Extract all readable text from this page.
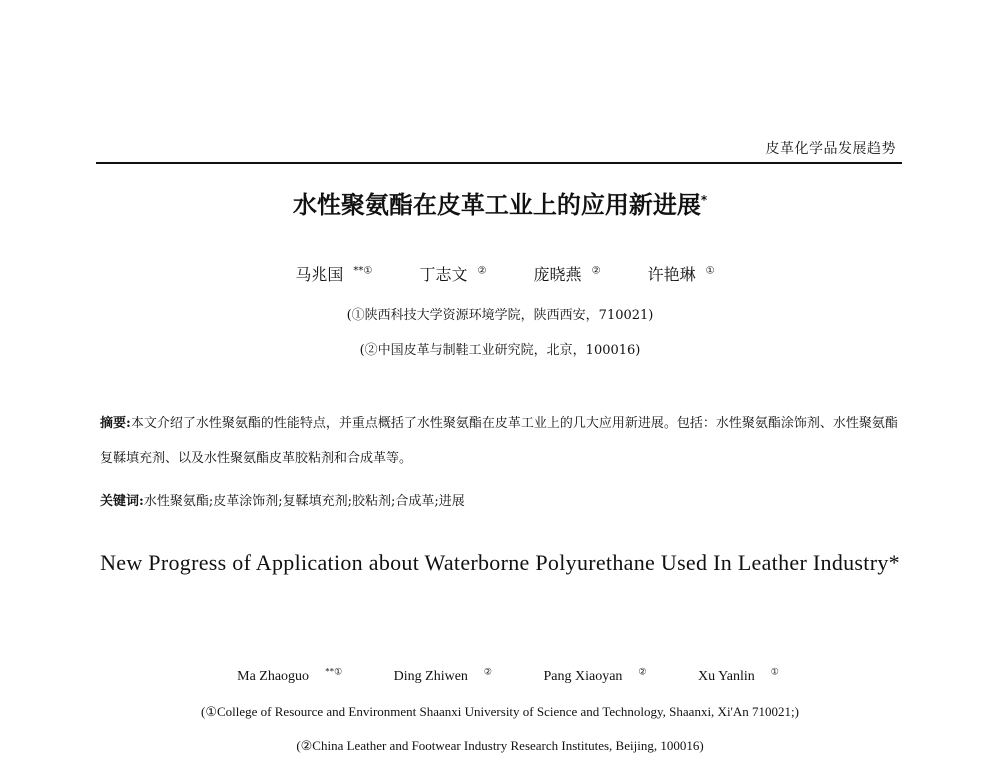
皮革化学品发展趋势
水性聚氨酯在皮革工业上的应用新进展*
马兆国 **①	丁志文 ②	庞晓燕 ②	许艳琳 ①
(①陕西科技大学资源环境学院，陕西西安，710021)
(②中国皮革与制鞋工业研究院，北京，100016)
摘要:本文介绍了水性聚氨酯的性能特点，并重点概括了水性聚氨酯在皮革工业上的几大应用新进展。包括：水性聚氨酯涂饰剂、水性聚氨酯复鞣填充剂、以及水性聚氨酯皮革胶粘剂和合成革等。
关键词:水性聚氨酯;皮革涂饰剂;复鞣填充剂;胶粘剂;合成革;进展
New Progress of Application about Waterborne Polyurethane Used In Leather Industry*
Ma Zhaoguo **①	Ding Zhiwen ②	Pang Xiaoyan ②	Xu Yanlin ①
(①College of Resource and Environment Shaanxi University of Science and Technology, Shaanxi, Xi'An 710021;)
(②China Leather and Footwear Industry Research Institutes, Beijing, 100016)
